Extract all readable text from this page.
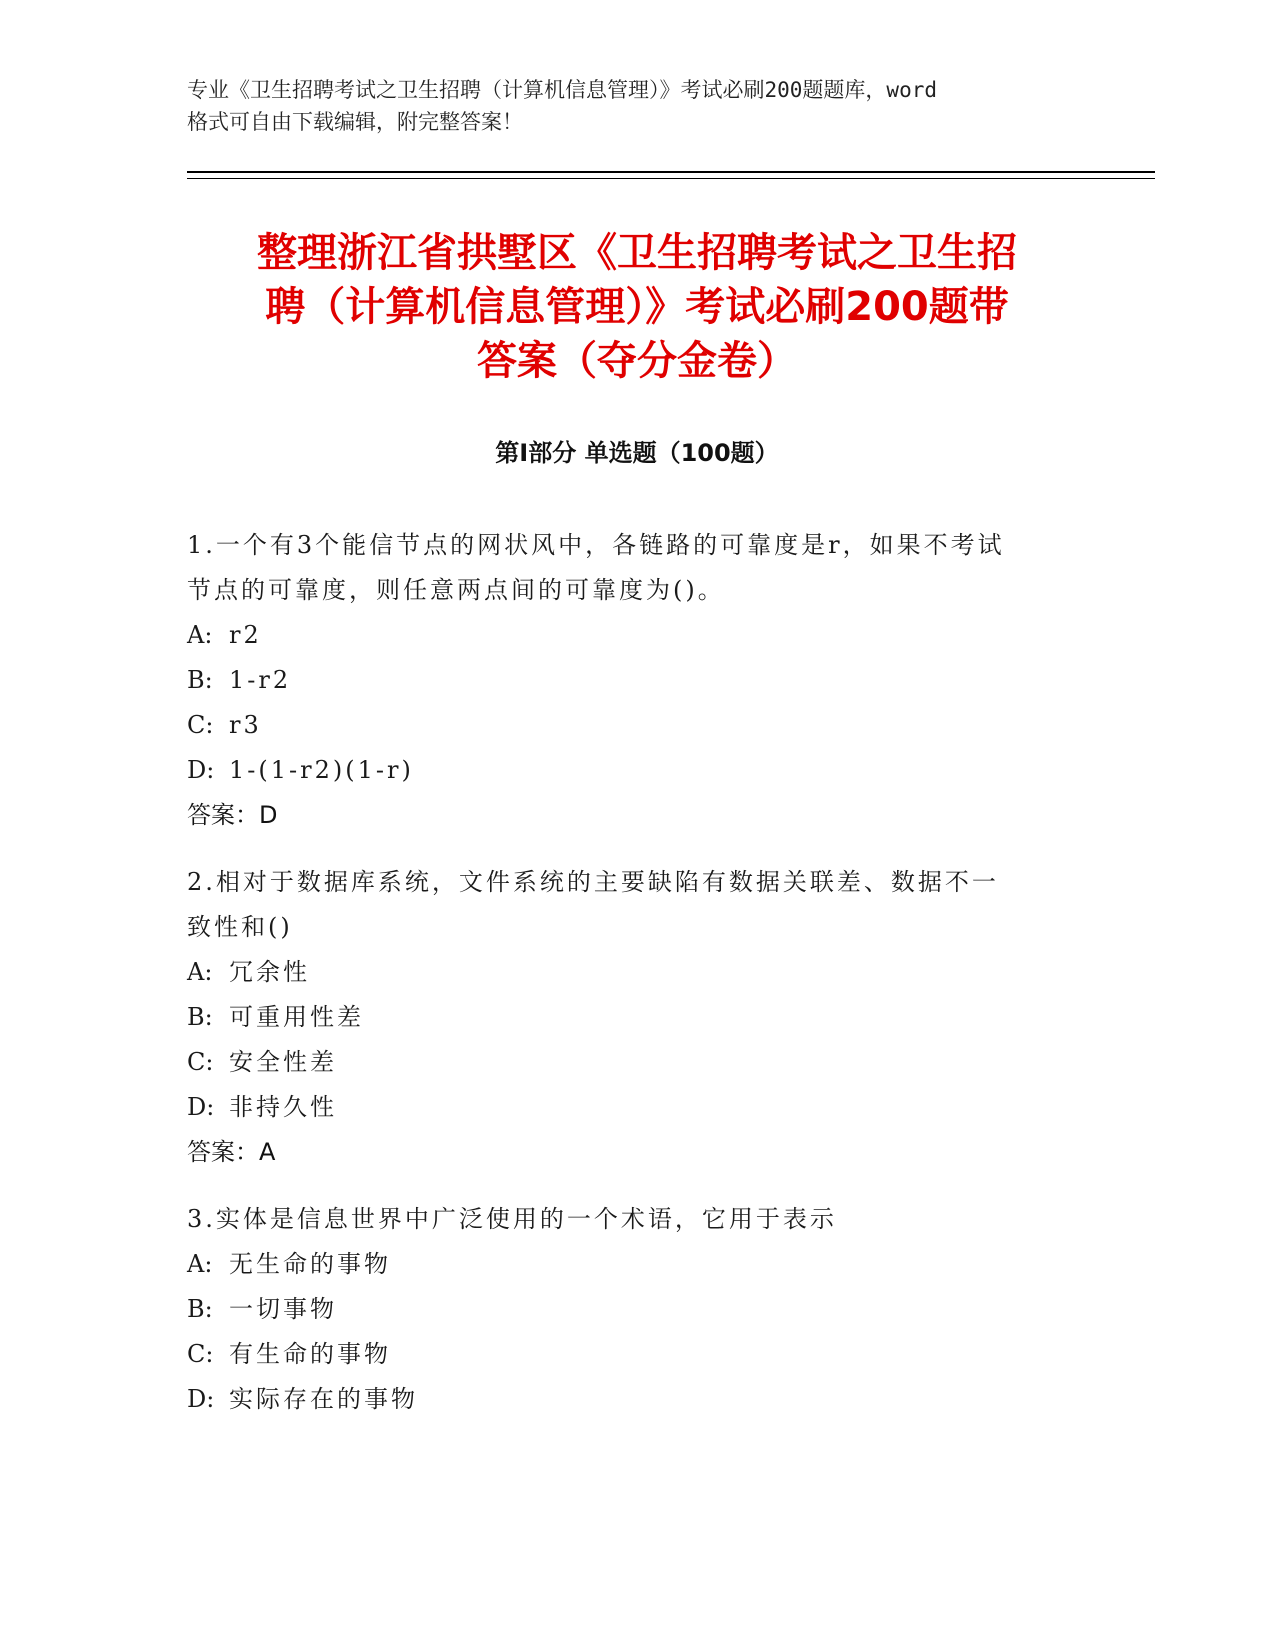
专业《卫生招聘考试之卫生招聘（计算机信息管理）》考试必刷200题题库，word
格式可自由下载编辑，附完整答案！
整理浙江省拱墅区《卫生招聘考试之卫生招
聘（计算机信息管理）》考试必刷200题带
答案（夺分金卷）
第I部分 单选题（100题）
1.一个有3个能信节点的网状风中，各链路的可靠度是r，如果不考试
节点的可靠度，则任意两点间的可靠度为()。
A: r2
B: 1-r2
C: r3
D: 1-(1-r2)(1-r)
答案：D
2.相对于数据库系统，文件系统的主要缺陷有数据关联差、数据不一
致性和()
A: 冗余性
B: 可重用性差
C: 安全性差
D: 非持久性
答案：A
3.实体是信息世界中广泛使用的一个术语，它用于表示
A: 无生命的事物
B: 一切事物
C: 有生命的事物
D: 实际存在的事物
